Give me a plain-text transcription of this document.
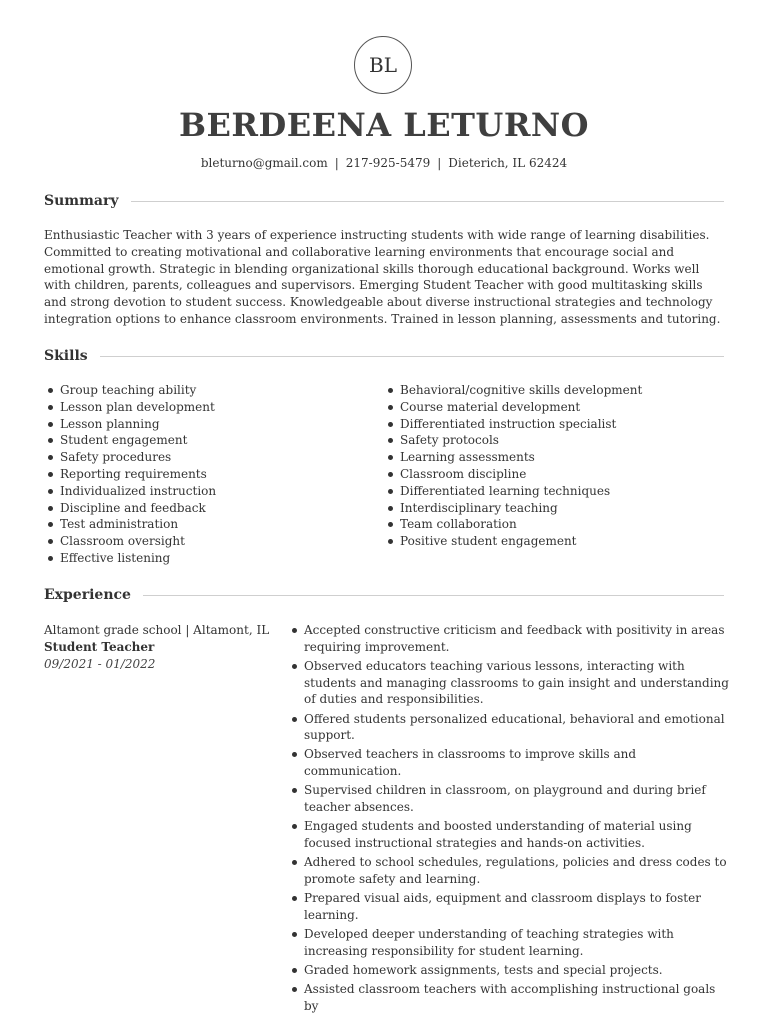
BL
BERDEENA LETURNO
bleturno@gmail.com | 217-925-5479 | Dieterich, IL 62424
Summary

Enthusiastic Teacher with 3 years of experience instructing students with wide range of learning disabilities. Committed to creating motivational and collaborative learning environments that encourage social and emotional growth. Strategic in blending organizational skills thorough educational background. Works well with children, parents, colleagues and supervisors. Emerging Student Teacher with good multitasking skills and strong devotion to student success. Knowledgeable about diverse instructional strategies and technology integration options to enhance classroom environments. Trained in lesson planning, assessments and tutoring.

Skills
Group teaching ability
Lesson plan development
Lesson planning
Student engagement
Safety procedures
Reporting requirements
Individualized instruction
Discipline and feedback
Test administration
Classroom oversight
Effective listening
Behavioral/cognitive skills development
Course material development
Differentiated instruction specialist
Safety protocols
Learning assessments
Classroom discipline
Differentiated learning techniques
Interdisciplinary teaching
Team collaboration
Positive student engagement
Experience
Altamont grade school | Altamont, IL
Student Teacher
09/2021 - 01/2022
Accepted constructive criticism and feedback with positivity in areas requiring improvement.
Observed educators teaching various lessons, interacting with students and managing classrooms to gain insight and understanding of duties and responsibilities.
Offered students personalized educational, behavioral and emotional support.
Observed teachers in classrooms to improve skills and communication.
Supervised children in classroom, on playground and during brief teacher absences.
Engaged students and boosted understanding of material using focused instructional strategies and hands-on activities.
Adhered to school schedules, regulations, policies and dress codes to promote safety and learning.
Prepared visual aids, equipment and classroom displays to foster learning.
Developed deeper understanding of teaching strategies with increasing responsibility for student learning.
Graded homework assignments, tests and special projects.
Assisted classroom teachers with accomplishing instructional goals by
